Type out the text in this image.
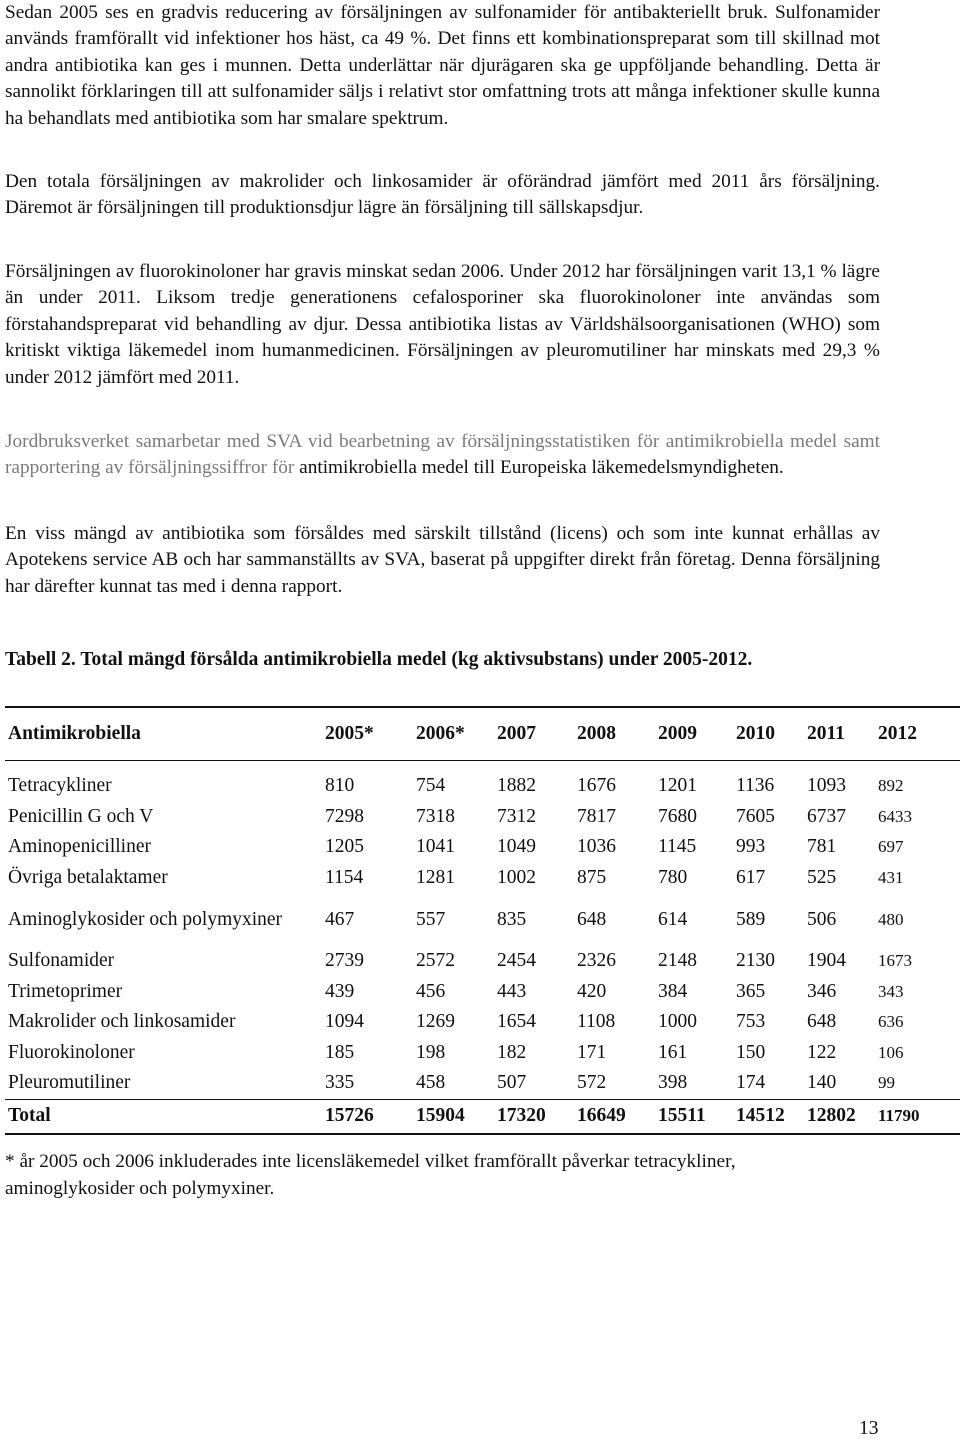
Sedan 2005 ses en gradvis reducering av försäljningen av sulfonamider för antibakteriellt bruk. Sulfonamider används framförallt vid infektioner hos häst, ca 49 %. Det finns ett kombinationspreparat som till skillnad mot andra antibiotika kan ges i munnen. Detta underlättar när djurägaren ska ge uppföljande behandling. Detta är sannolikt förklaringen till att sulfonamider säljs i relativt stor omfattning trots att många infektioner skulle kunna ha behandlats med antibiotika som har smalare spektrum.

Den totala försäljningen av makrolider och linkosamider är oförändrad jämfört med 2011 års försäljning. Däremot är försäljningen till produktionsdjur lägre än försäljning till sällskapsdjur.

Försäljningen av fluorokinoloner har gravis minskat sedan 2006. Under 2012 har försäljningen varit 13,1 % lägre än under 2011. Liksom tredje generationens cefalosporiner ska fluorokinoloner inte användas som förstahandspreparat vid behandling av djur. Dessa antibiotika listas av Världshälsoorganisationen (WHO) som kritiskt viktiga läkemedel inom humanmedicinen. Försäljningen av pleuromutiliner har minskats med 29,3 % under 2012 jämfört med 2011.

Jordbruksverket samarbetar med SVA vid bearbetning av försäljningsstatistiken för antimikrobiella medel samt rapportering av försäljningssiffror för antimikrobiella medel till Europeiska läkemedelsmyndigheten.

En viss mängd av antibiotika som försåldes med särskilt tillstånd (licens) och som inte kunnat erhållas av Apotekens service AB och har sammanställts av SVA, baserat på uppgifter direkt från företag. Denna försäljning har därefter kunnat tas med i denna rapport.

Tabell 2. Total mängd försålda antimikrobiella medel (kg aktivsubstans) under 2005-2012.

Antimikrobiella	2005*	2006*	2007	2008	2009	2010	2011	2012
Tetracykliner	810	754	1882	1676	1201	1136	1093	892
Penicillin G och V	7298	7318	7312	7817	7680	7605	6737	6433
Aminopenicilliner	1205	1041	1049	1036	1145	993	781	697
Övriga betalaktamer	1154	1281	1002	875	780	617	525	431
Aminoglykosider och polymyxiner	467	557	835	648	614	589	506	480
Sulfonamider	2739	2572	2454	2326	2148	2130	1904	1673
Trimetoprimer	439	456	443	420	384	365	346	343
Makrolider och linkosamider	1094	1269	1654	1108	1000	753	648	636
Fluorokinoloner	185	198	182	171	161	150	122	106
Pleuromutiliner	335	458	507	572	398	174	140	99
Total	15726	15904	17320	16649	15511	14512	12802	11790

* år 2005 och 2006 inkluderades inte licensläkemedel vilket framförallt påverkar tetracykliner, aminoglykosider och polymyxiner.

13
